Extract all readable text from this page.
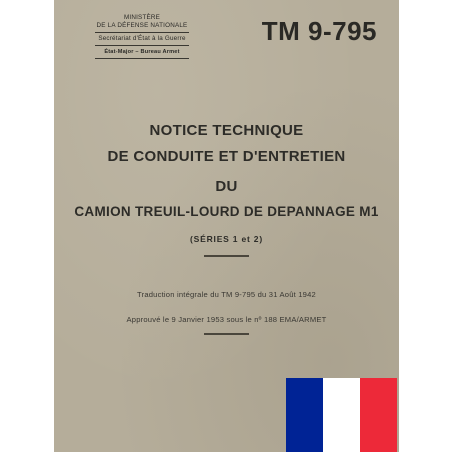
MINISTÈRE
DE LA DÉFENSE NATIONALE
Secrétariat d'État à la Guerre
État-Major – Bureau Armet
TM 9-795
NOTICE TECHNIQUE
DE CONDUITE ET D'ENTRETIEN
DU
CAMION TREUIL-LOURD DE DEPANNAGE M1
(SÉRIES 1 et 2)
Traduction intégrale du TM 9-795 du 31 Août 1942
Approuvé le 9 Janvier 1953 sous le nº 188 EMA/ARMET
